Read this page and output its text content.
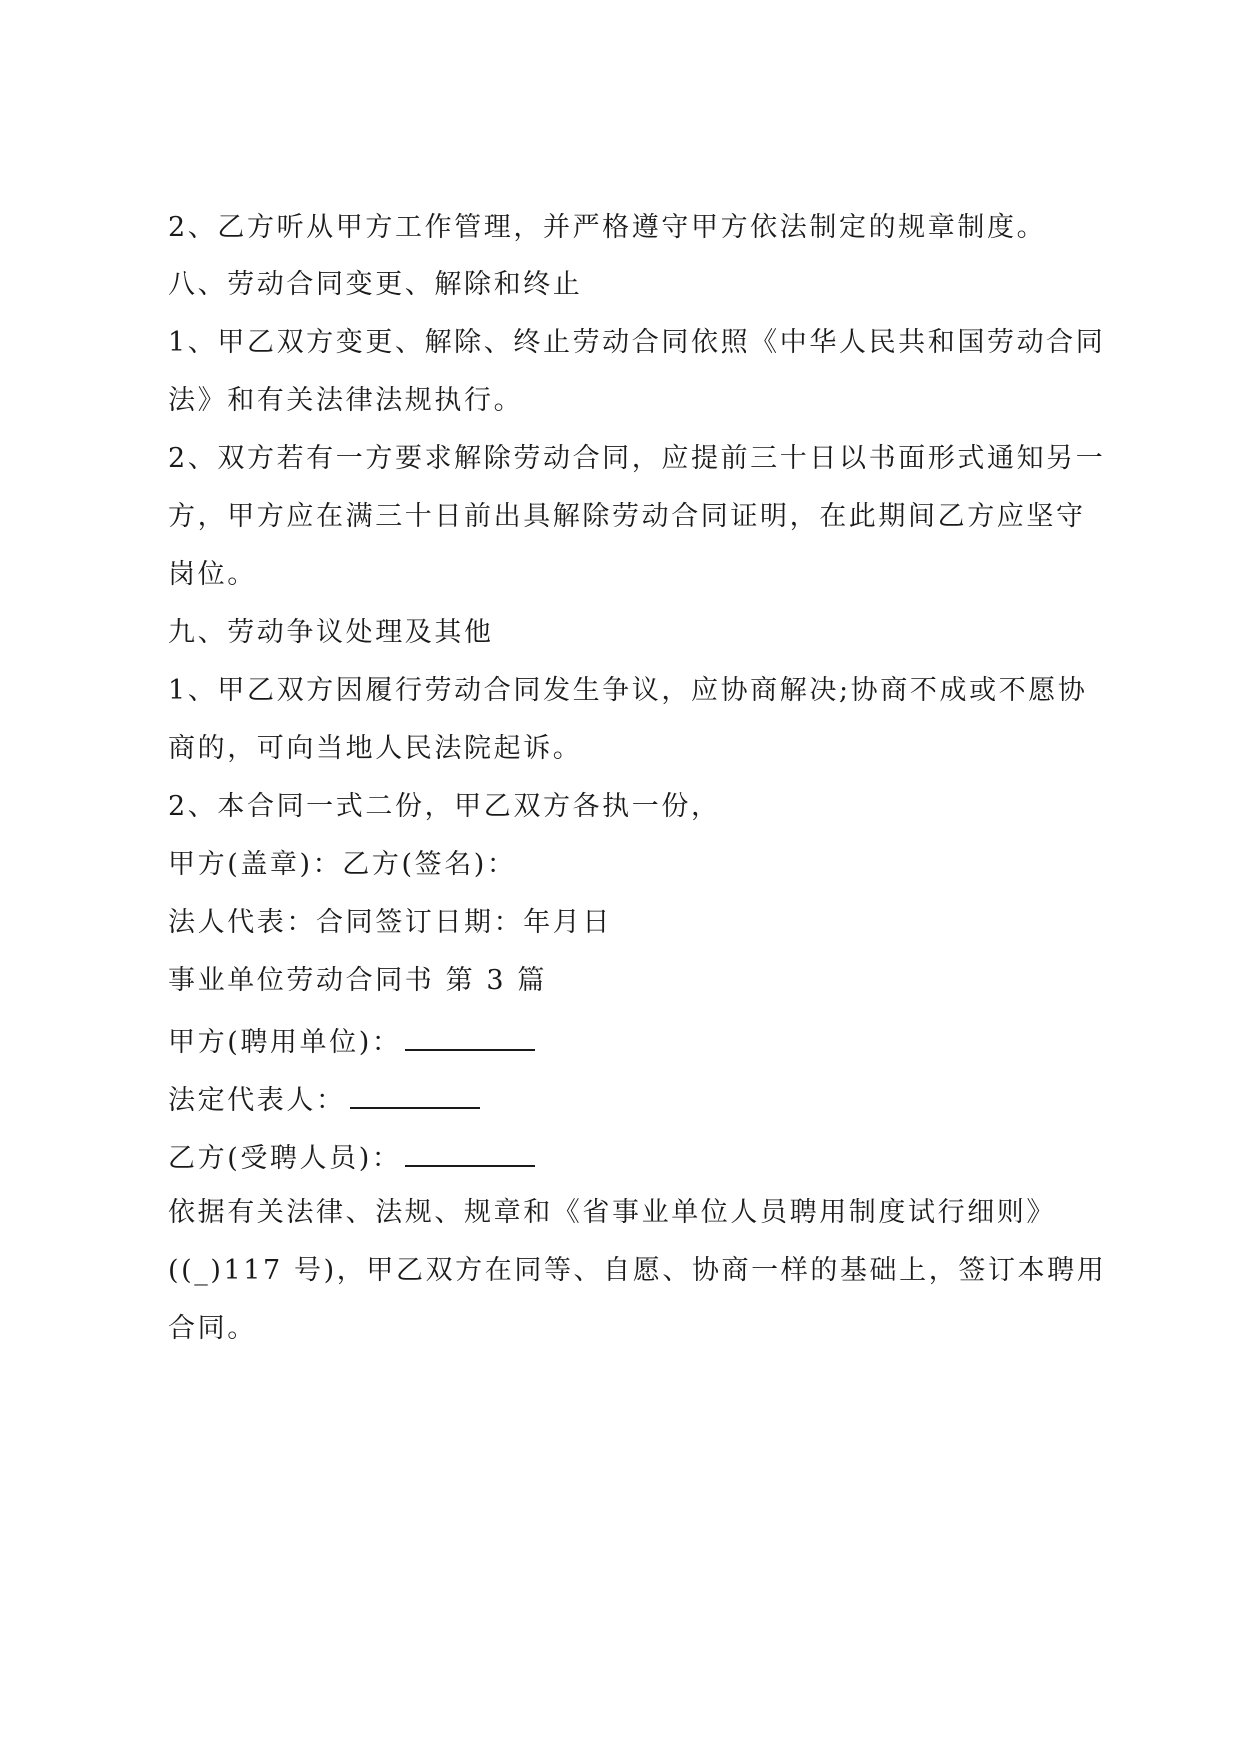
2、乙方听从甲方工作管理，并严格遵守甲方依法制定的规章制度。
八、劳动合同变更、解除和终止
1、甲乙双方变更、解除、终止劳动合同依照《中华人民共和国劳动合同
法》和有关法律法规执行。
2、双方若有一方要求解除劳动合同，应提前三十日以书面形式通知另一
方，甲方应在满三十日前出具解除劳动合同证明，在此期间乙方应坚守
岗位。
九、劳动争议处理及其他
1、甲乙双方因履行劳动合同发生争议，应协商解决;协商不成或不愿协
商的，可向当地人民法院起诉。
2、本合同一式二份，甲乙双方各执一份，
甲方(盖章)：乙方(签名)：
法人代表：合同签订日期：年月日
事业单位劳动合同书 第 3 篇
甲方(聘用单位)：
法定代表人：
乙方(受聘人员)：
依据有关法律、法规、规章和《省事业单位人员聘用制度试行细则》
((_)117 号)，甲乙双方在同等、自愿、协商一样的基础上，签订本聘用
合同。
